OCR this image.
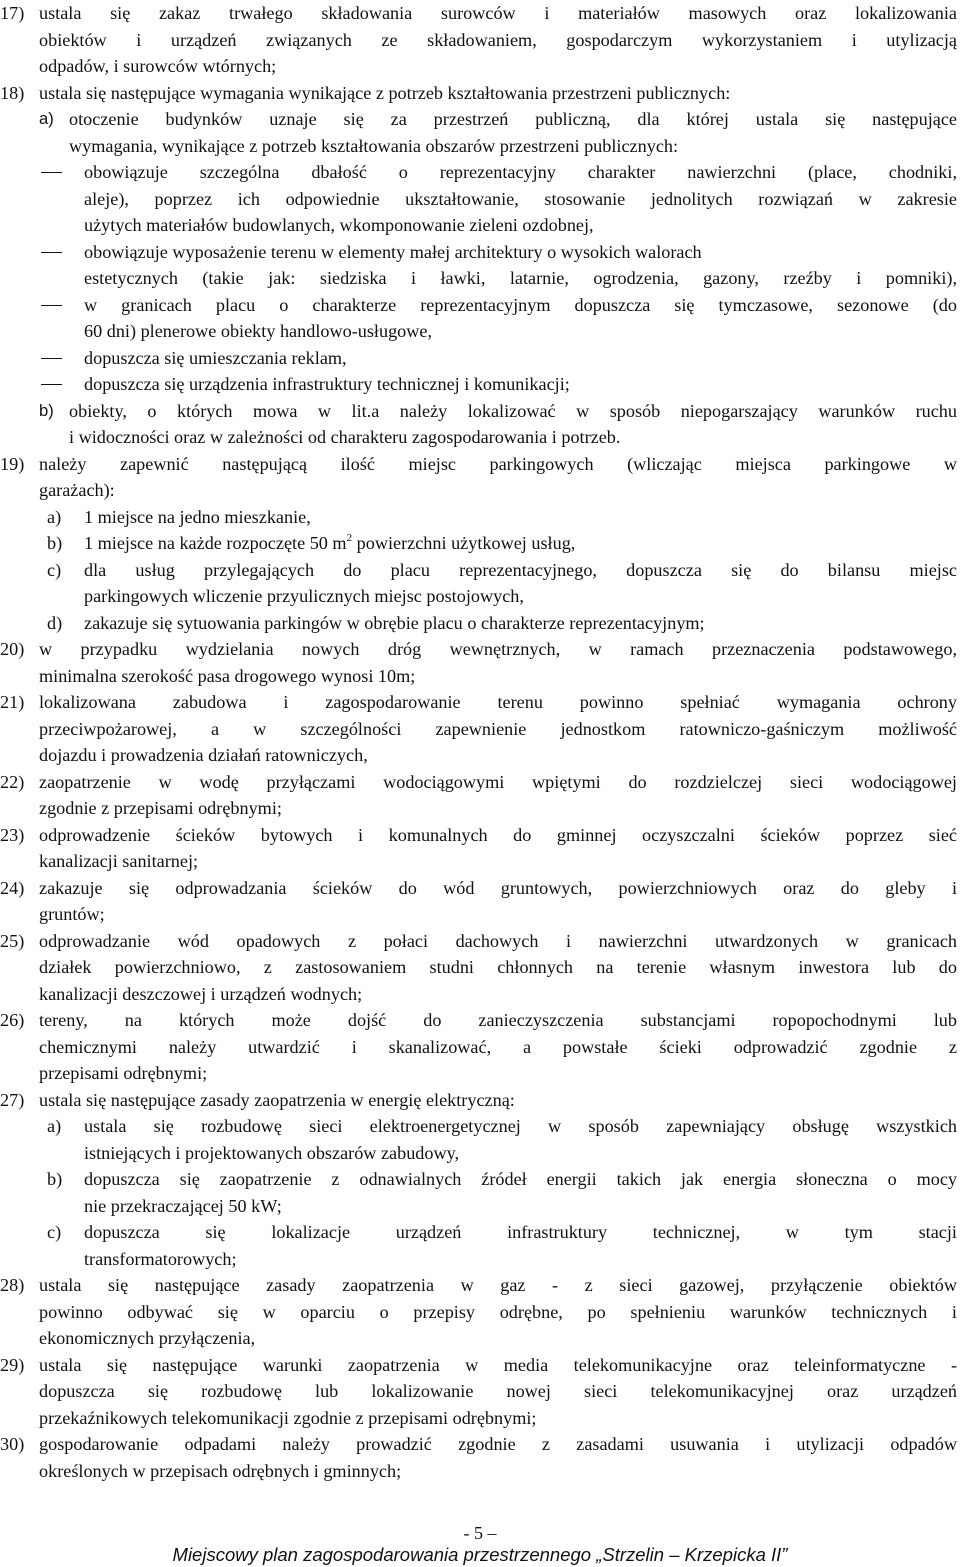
17) ustala się zakaz trwałego składowania surowców i materiałów masowych oraz lokalizowania
obiektów i urządzeń związanych ze składowaniem, gospodarczym wykorzystaniem i utylizacją
odpadów, i surowców wtórnych;
18) ustala się następujące wymagania wynikające z potrzeb kształtowania przestrzeni publicznych:
a) otoczenie budynków uznaje się za przestrzeń publiczną, dla której ustala się następujące
wymagania, wynikające z potrzeb kształtowania obszarów przestrzeni publicznych:
obowiązuje szczególna dbałość o reprezentacyjny charakter nawierzchni (place, chodniki,
aleje), poprzez ich odpowiednie ukształtowanie, stosowanie jednolitych rozwiązań w zakresie
użytych materiałów budowlanych, wkomponowanie zieleni ozdobnej,
obowiązuje wyposażenie terenu w elementy małej architektury o wysokich walorach
estetycznych (takie jak: siedziska i ławki, latarnie, ogrodzenia, gazony, rzeźby i pomniki),
w granicach placu o charakterze reprezentacyjnym dopuszcza się tymczasowe, sezonowe (do
60 dni) plenerowe obiekty handlowo-usługowe,
dopuszcza się umieszczania reklam,
dopuszcza się urządzenia infrastruktury technicznej i komunikacji;
b) obiekty, o których mowa w lit.a należy lokalizować w sposób niepogarszający warunków ruchu
i widoczności oraz w zależności od charakteru zagospodarowania i potrzeb.
19) należy zapewnić następującą ilość miejsc parkingowych (wliczając miejsca parkingowe w
garażach):
a) 1 miejsce na jedno mieszkanie,
b) 1 miejsce na każde rozpoczęte 50 $m^2$ powierzchni użytkowej usług,
c) dla usług przylegających do placu reprezentacyjnego, dopuszcza się do bilansu miejsc
parkingowych wliczenie przyulicznych miejsc postojowych,
d) zakazuje się sytuowania parkingów w obrębie placu o charakterze reprezentacyjnym;
20) w przypadku wydzielania nowych dróg wewnętrznych, w ramach przeznaczenia podstawowego,
minimalna szerokość pasa drogowego wynosi 10m;
21) lokalizowana zabudowa i zagospodarowanie terenu powinno spełniać wymagania ochrony
przeciwpożarowej, a w szczególności zapewnienie jednostkom ratowniczo-gaśniczym możliwość
dojazdu i prowadzenia działań ratowniczych,
22) zaopatrzenie w wodę przyłączami wodociągowymi wpiętymi do rozdzielczej sieci wodociągowej
zgodnie z przepisami odrębnymi;
23) odprowadzenie ścieków bytowych i komunalnych do gminnej oczyszczalni ścieków poprzez sieć
kanalizacji sanitarnej;
24) zakazuje się odprowadzania ścieków do wód gruntowych, powierzchniowych oraz do gleby i
gruntów;
25) odprowadzanie wód opadowych z połaci dachowych i nawierzchni utwardzonych w granicach
działek powierzchniowo, z zastosowaniem studni chłonnych na terenie własnym inwestora lub do
kanalizacji deszczowej i urządzeń wodnych;
26) tereny, na których może dojść do zanieczyszczenia substancjami ropopochodnymi lub
chemicznymi należy utwardzić i skanalizować, a powstałe ścieki odprowadzić zgodnie z
przepisami odrębnymi;
27) ustala się następujące zasady zaopatrzenia w energię elektryczną:
a) ustala się rozbudowę sieci elektroenergetycznej w sposób zapewniający obsługę wszystkich
istniejących i projektowanych obszarów zabudowy,
b) dopuszcza się zaopatrzenie z odnawialnych źródeł energii takich jak energia słoneczna o mocy
nie przekraczającej 50 kW;
c) dopuszcza się lokalizacje urządzeń infrastruktury technicznej, w tym stacji
transformatorowych;
28) ustala się następujące zasady zaopatrzenia w gaz - z sieci gazowej, przyłączenie obiektów
powinno odbywać się w oparciu o przepisy odrębne, po spełnieniu warunków technicznych i
ekonomicznych przyłączenia,
29) ustala się następujące warunki zaopatrzenia w media telekomunikacyjne oraz teleinformatyczne -
dopuszcza się rozbudowę lub lokalizowanie nowej sieci telekomunikacyjnej oraz urządzeń
przekaźnikowych telekomunikacji zgodnie z przepisami odrębnymi;
30) gospodarowanie odpadami należy prowadzić zgodnie z zasadami usuwania i utylizacji odpadów
określonych w przepisach odrębnych i gminnych;
- 5 –
Miejscowy plan zagospodarowania przestrzennego „Strzelin – Krzepicka II”
